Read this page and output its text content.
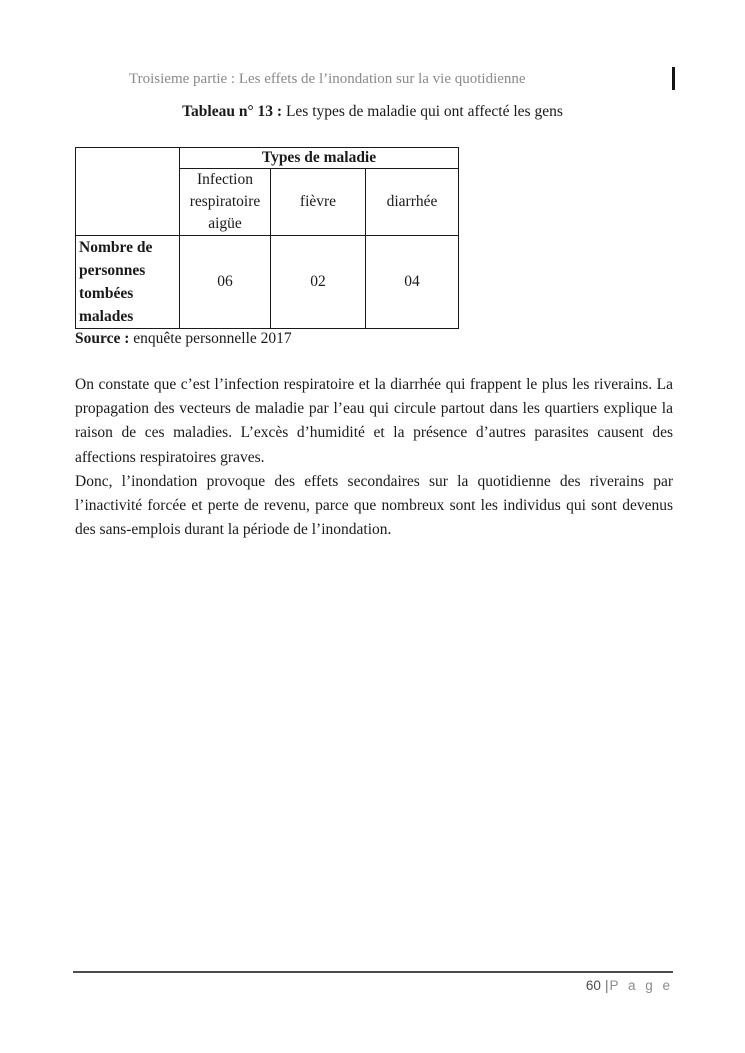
Troisieme partie : Les effets de l’inondation sur la vie quotidienne
Tableau n° 13 : Les types de maladie qui ont affecté les gens
	Types de maladie		
	Infection respiratoire aigüe	fièvre	diarrhée
Nombre de personnes tombées malades	06	02	04
Source : enquête personnelle 2017

On constate que c’est l’infection respiratoire et la diarrhée qui frappent le plus les riverains. La propagation des vecteurs de maladie par l’eau qui circule partout dans les quartiers explique la raison de ces maladies. L’excès d’humidité et la présence d’autres parasites causent des affections respiratoires graves.

Donc, l’inondation provoque des effets secondaires sur la quotidienne des riverains par l’inactivité forcée et perte de revenu, parce que nombreux sont les individus qui sont devenus des sans-emplois durant la période de l’inondation.

60 |P a g e
